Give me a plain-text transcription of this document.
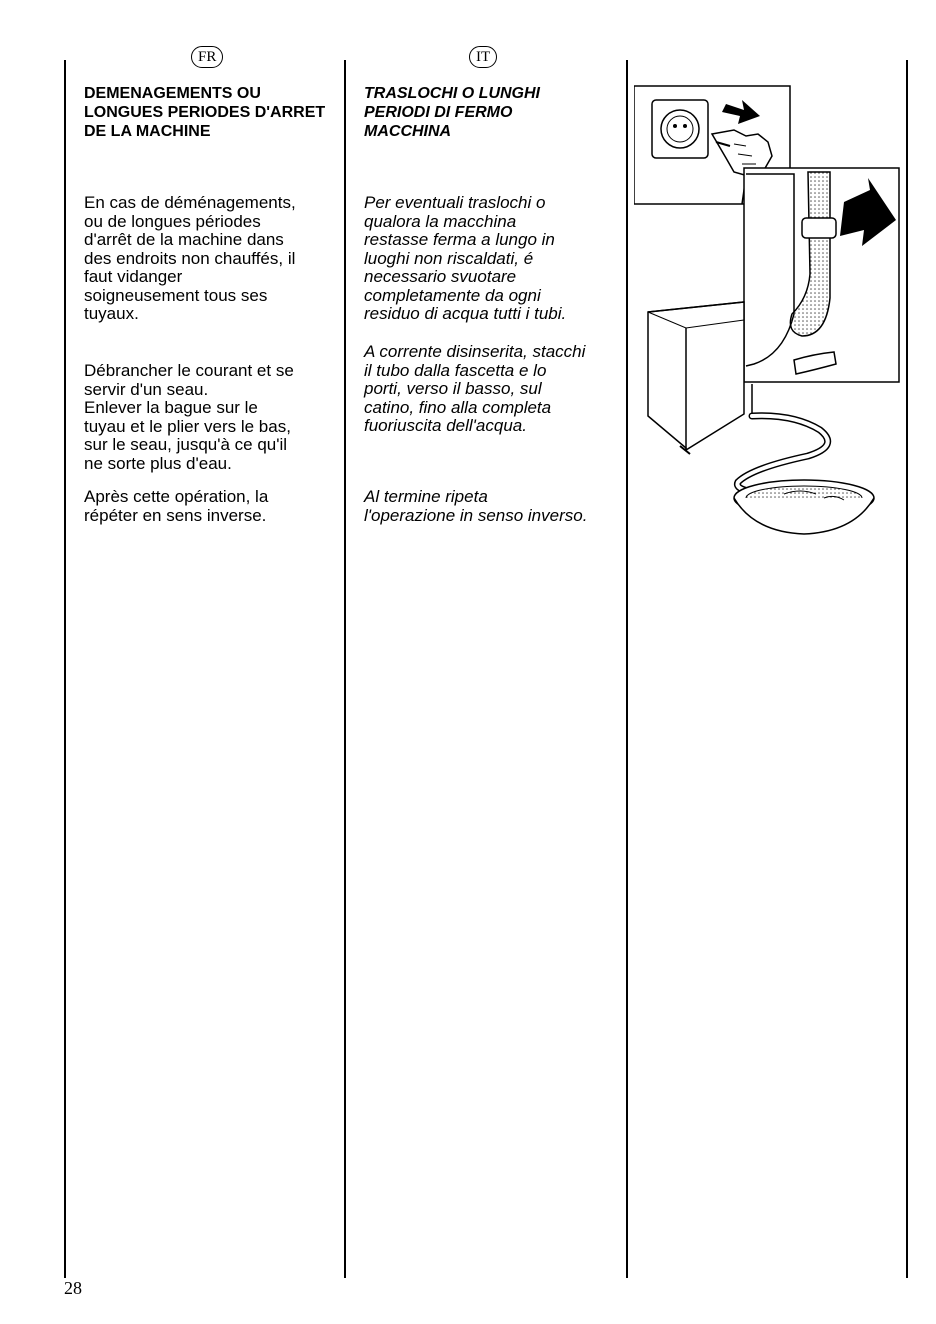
FR
DEMENAGEMENTS OU
LONGUES PERIODES D'ARRET
DE LA MACHINE

En cas de déménagements,
ou de longues périodes
d'arrêt de la machine dans
des endroits non chauffés, il
faut vidanger
soigneusement tous ses
tuyaux.

Débrancher le courant et se
servir d'un seau.
Enlever la bague sur le
tuyau et le plier vers le bas,
sur le seau, jusqu'à ce qu'il
ne sorte plus d'eau.

Après cette opération, la
répéter en sens inverse.

IT
TRASLOCHI O LUNGHI
PERIODI DI FERMO
MACCHINA

Per eventuali traslochi o
qualora la macchina
restasse ferma a lungo in
luoghi non riscaldati, é
necessario svuotare
completamente da ogni
residuo di acqua tutti i tubi.

A corrente disinserita, stacchi
il tubo dalla fascetta e lo
porti, verso il basso, sul
catino, fino alla completa
fuoriuscita dell'acqua.

Al termine ripeta
l'operazione in senso inverso.

28
